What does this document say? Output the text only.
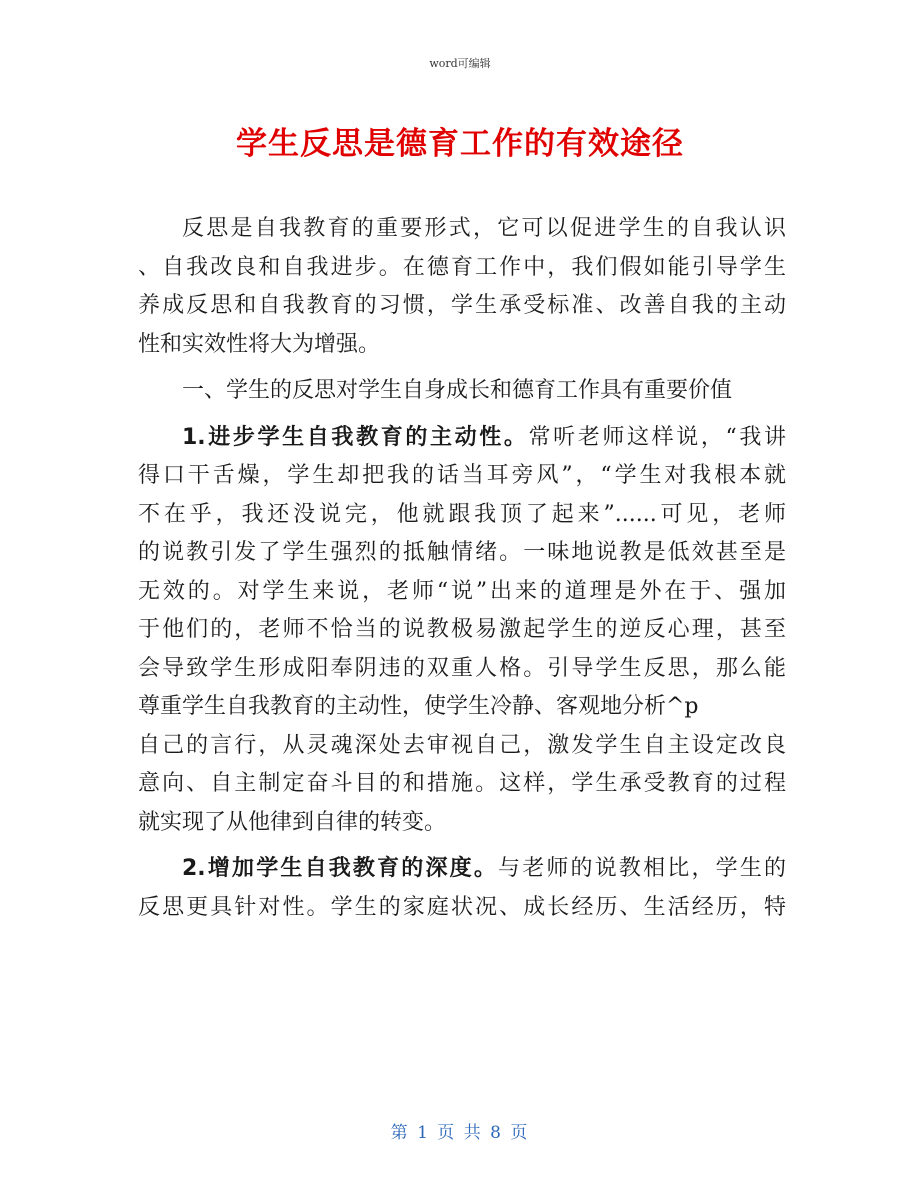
word可编辑
学生反思是德育工作的有效途径
反思是自我教育的重要形式，它可以促进学生的自我认识
、自我改良和自我进步。在德育工作中，我们假如能引导学生
养成反思和自我教育的习惯，学生承受标准、改善自我的主动
性和实效性将大为增强。
一、学生的反思对学生自身成长和德育工作具有重要价值
1.进步学生自我教育的主动性。常听老师这样说，“我讲
得口干舌燥，学生却把我的话当耳旁风”，“学生对我根本就
不在乎，我还没说完，他就跟我顶了起来”......可见，老师
的说教引发了学生强烈的抵触情绪。一味地说教是低效甚至是
无效的。对学生来说，老师“说”出来的道理是外在于、强加
于他们的，老师不恰当的说教极易激起学生的逆反心理，甚至
会导致学生形成阳奉阴违的双重人格。引导学生反思，那么能
尊重学生自我教育的主动性，使学生冷静、客观地分析^p
自己的言行，从灵魂深处去审视自己，激发学生自主设定改良
意向、自主制定奋斗目的和措施。这样，学生承受教育的过程
就实现了从他律到自律的转变。
2.增加学生自我教育的深度。与老师的说教相比，学生的
反思更具针对性。学生的家庭状况、成长经历、生活经历，特
第 1 页 共 8 页
